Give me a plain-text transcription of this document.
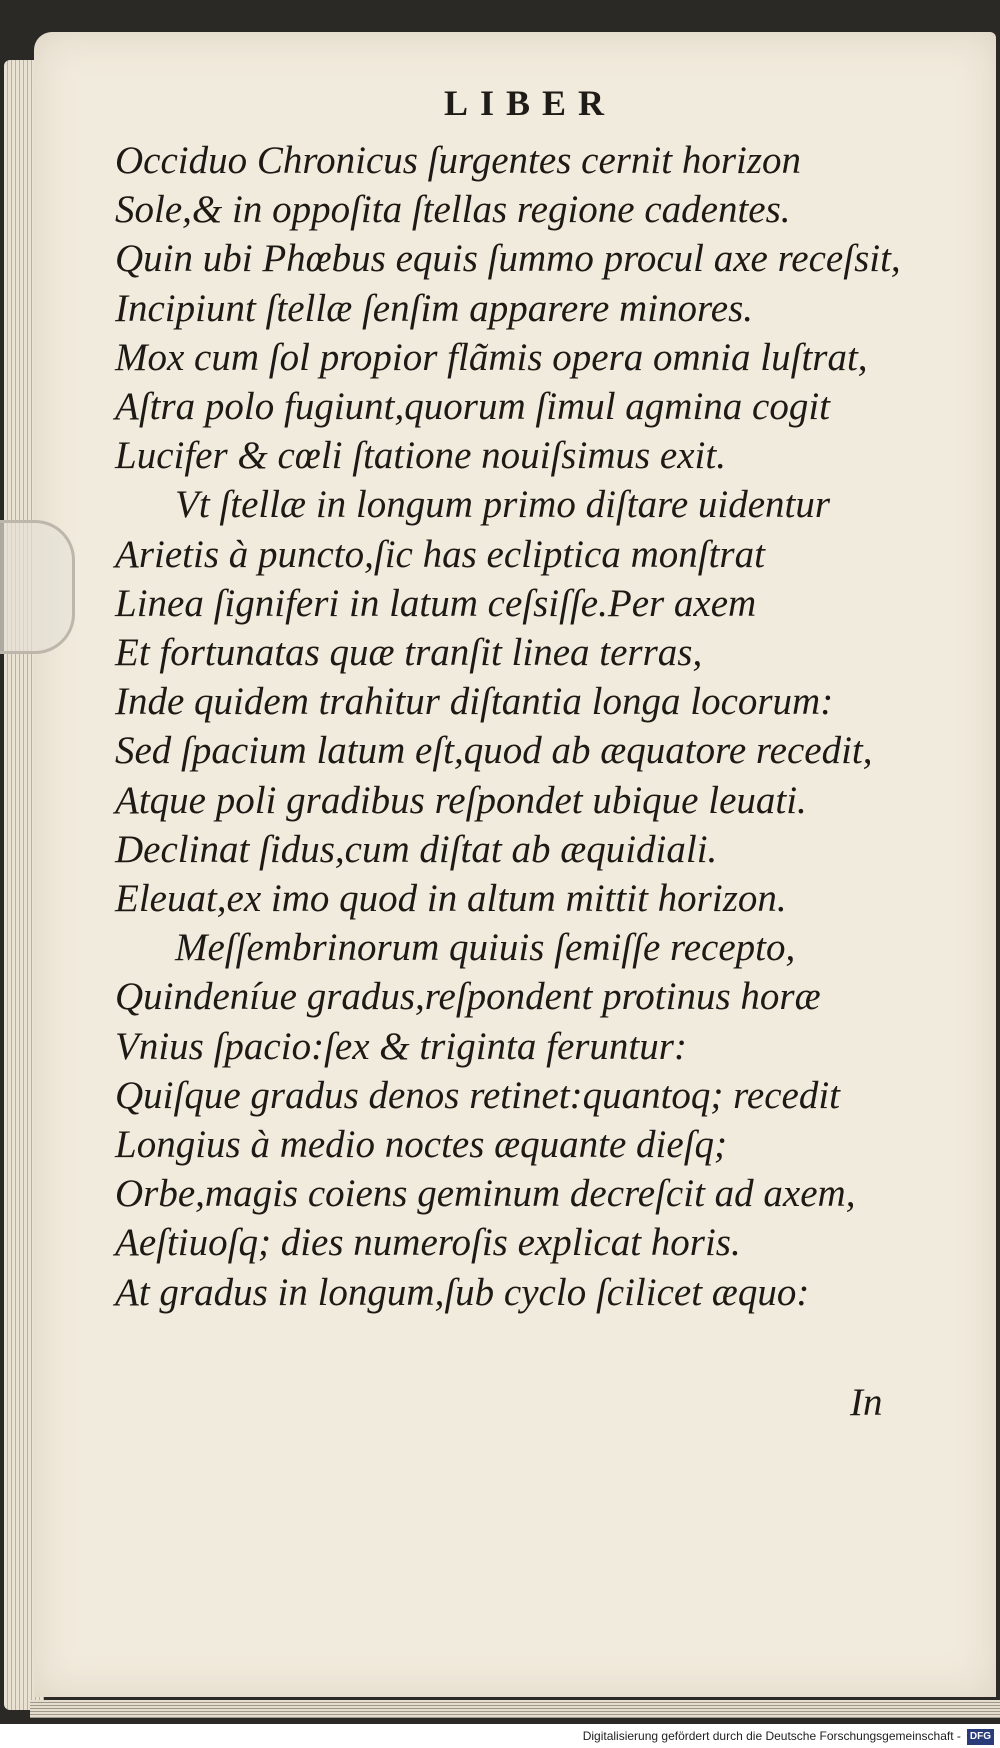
LIBER
Occiduo Chronicus ſurgentes cernit horizon
Sole,& in oppoſita ſtellas regione cadentes.
Quin ubi Phœbus equis ſummo procul axe receſsit,
Incipiunt ſtellæ ſenſim apparere minores.
Mox cum ſol propior flãmis opera omnia luſtrat,
Aſtra polo fugiunt,quorum ſimul agmina cogit
Lucifer & cœli ſtatione nouiſsimus exit.
Vt ſtellæ in longum primo diſtare uidentur
Arietis à puncto,ſic has ecliptica monſtrat
Linea ſigniferi in latum ceſsiſſe.Per axem
Et fortunatas quæ tranſit linea terras,
Inde quidem trahitur diſtantia longa locorum:
Sed ſpacium latum eſt,quod ab æquatore recedit,
Atque poli gradibus reſpondet ubique leuati.
Declinat ſidus,cum diſtat ab æquidiali.
Eleuat,ex imo quod in altum mittit horizon.
Meſſembrinorum quiuis ſemiſſe recepto,
Quindeníue gradus,reſpondent protinus horæ
Vnius ſpacio:ſex & triginta feruntur:
Quiſque gradus denos retinet:quantoq; recedit
Longius à medio noctes æquante dieſq;
Orbe,magis coiens geminum decreſcit ad axem,
Aeſtiuoſq; dies numeroſis explicat horis.
At gradus in longum,ſub cyclo ſcilicet æquo:
In
Digitalisierung gefördert durch die Deutsche Forschungsgemeinschaft - DFG
